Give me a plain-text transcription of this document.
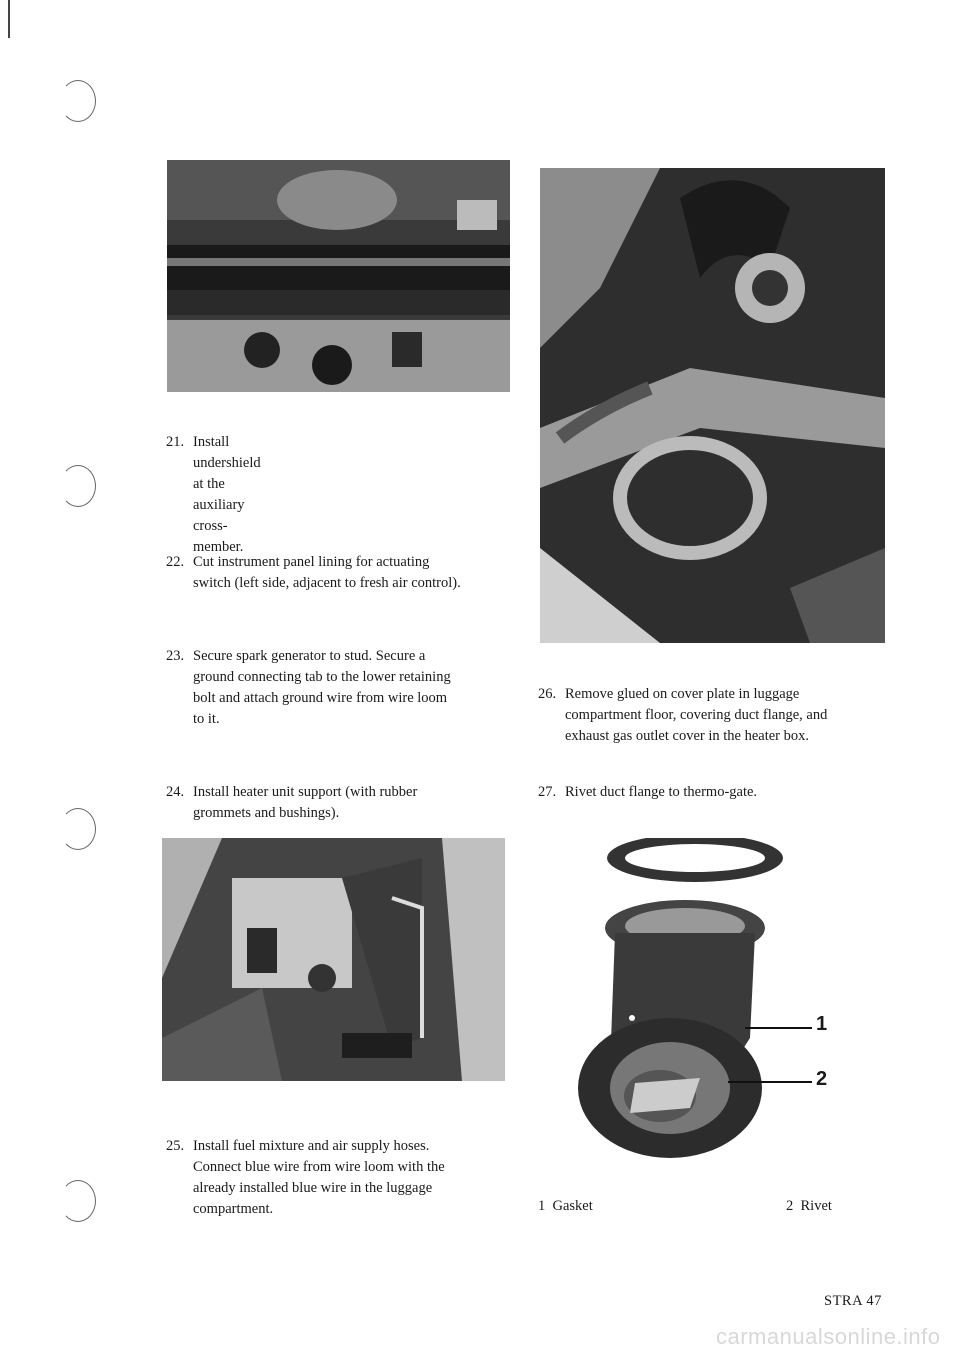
1
2
21. Install undershield at the auxiliary cross-
member.
22. Cut instrument panel lining for actuating
switch (left side, adjacent to fresh air control).
23. Secure spark generator to stud. Secure a
ground connecting tab to the lower retaining
bolt and attach ground wire from wire loom
to it.
24. Install heater unit support (with rubber
grommets and bushings).
25. Install fuel mixture and air supply hoses.
Connect blue wire from wire loom with the
already installed blue wire in the luggage
compartment.
26. Remove glued on cover plate in luggage
compartment floor, covering duct flange, and
exhaust gas outlet cover in the heater box.
27. Rivet duct flange to thermo-gate.
1  Gasket	2  Rivet
STRA 47
carmanualsonline.info
